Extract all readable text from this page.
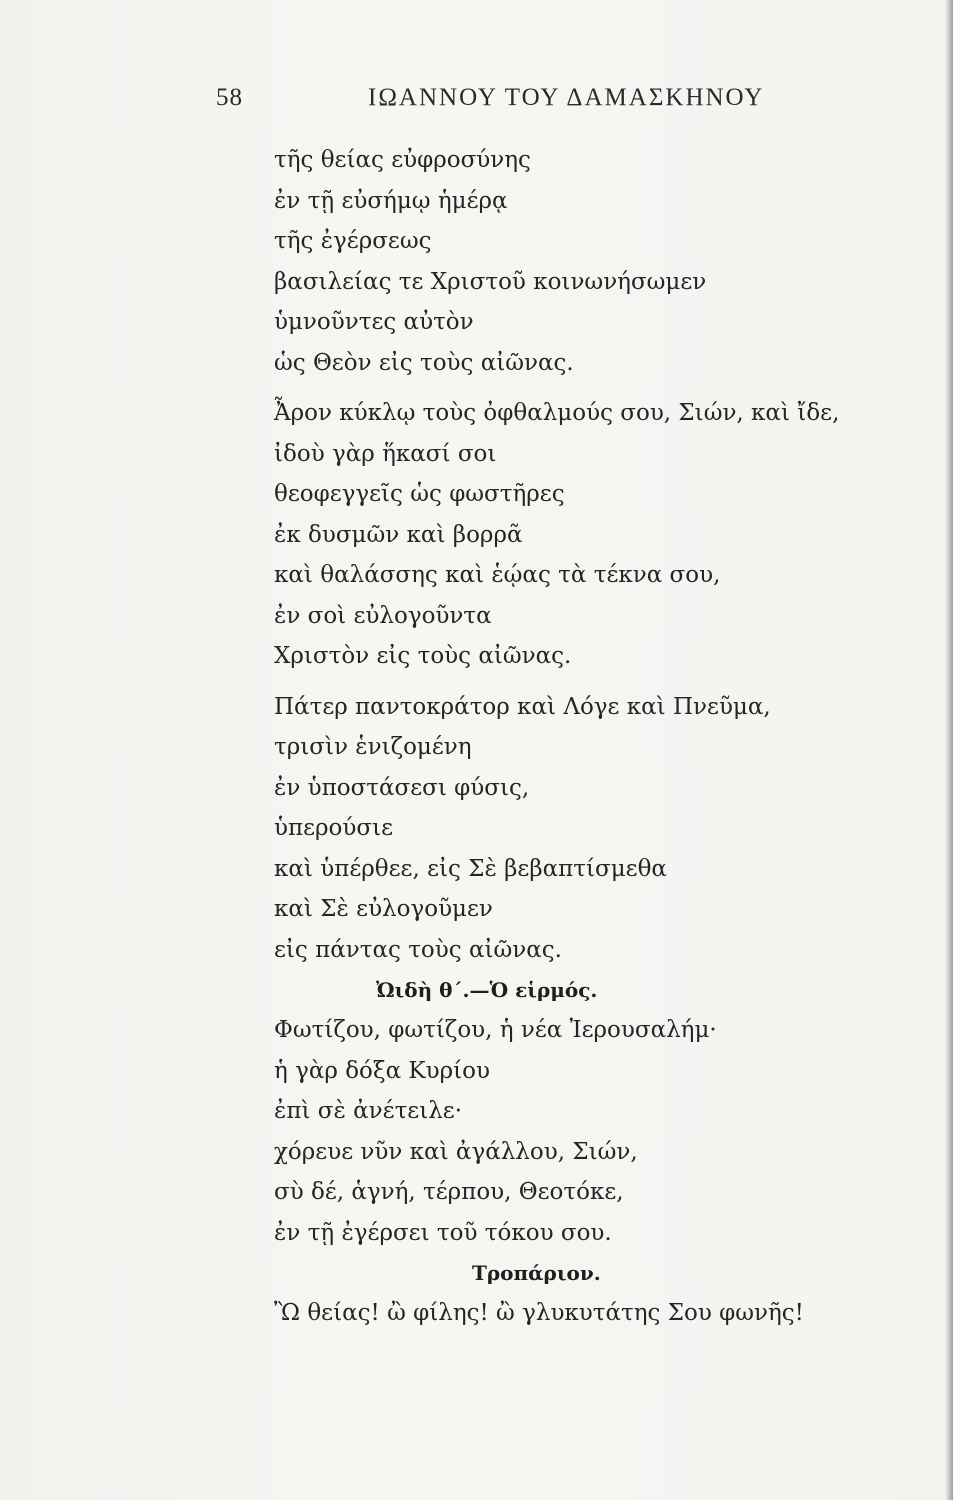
58	ΙΩΑΝΝΟΥ ΤΟΥ ΔΑΜΑΣΚΗΝΟΥ
τῆς θείας εὐφροσύνης
ἐν τῇ εὐσήμῳ ἡμέρᾳ
τῆς ἐγέρσεως
βασιλείας τε Χριστοῦ κοινωνήσωμεν
ὑμνοῦντες αὐτὸν
ὡς Θεὸν εἰς τοὺς αἰῶνας.
Ἆρον κύκλῳ τοὺς ὀφθαλμούς σου, Σιών, καὶ ἴδε,
ἰδοὺ γὰρ ἥκασί σοι
θεοφεγγεῖς ὡς φωστῆρες
ἐκ δυσμῶν καὶ βορρᾶ
καὶ θαλάσσης καὶ ἑῴας τὰ τέκνα σου,
ἐν σοὶ εὐλογοῦντα
Χριστὸν εἰς τοὺς αἰῶνας.
Πάτερ παντοκράτορ καὶ Λόγε καὶ Πνεῦμα,
τρισὶν ἑνιζομένη
ἐν ὑποστάσεσι φύσις,
ὑπερούσιε
καὶ ὑπέρθεε, εἰς Σὲ βεβαπτίσμεθα
καὶ Σὲ εὐλογοῦμεν
εἰς πάντας τοὺς αἰῶνας.
Ὠιδὴ θ΄.—Ὁ εἱρμός.
Φωτίζου, φωτίζου, ἡ νέα Ἰερουσαλήμ·
ἡ γὰρ δόξα Κυρίου
ἐπὶ σὲ ἀνέτειλε·
χόρευε νῦν καὶ ἀγάλλου, Σιών,
σὺ δέ, ἁγνή, τέρπου, Θεοτόκε,
ἐν τῇ ἐγέρσει τοῦ τόκου σου.
Τροπάριον.
Ὢ θείας! ὢ φίλης! ὢ γλυκυτάτης Σου φωνῆς!
